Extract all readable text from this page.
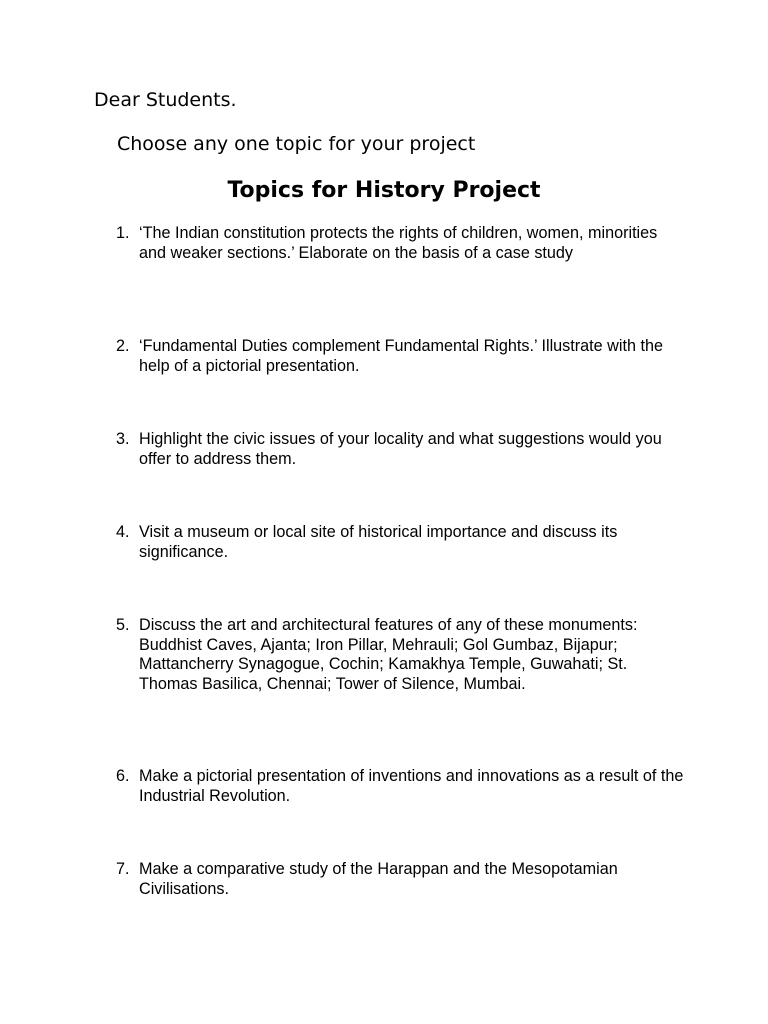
Dear Students.

Choose any one topic for your project

Topics for History Project
1. ‘The Indian constitution protects the rights of children, women, minorities and weaker sections.’ Elaborate on the basis of a case study
2. ‘Fundamental Duties complement Fundamental Rights.’ Illustrate with the help of a pictorial presentation.
3. Highlight the civic issues of your locality and what suggestions would you offer to address them.
4. Visit a museum or local site of historical importance and discuss its significance.
5. Discuss the art and architectural features of any of these monuments: Buddhist Caves, Ajanta; Iron Pillar, Mehrauli; Gol Gumbaz, Bijapur; Mattancherry Synagogue, Cochin; Kamakhya Temple, Guwahati; St. Thomas Basilica, Chennai; Tower of Silence, Mumbai.
6. Make a pictorial presentation of inventions and innovations as a result of the Industrial Revolution.
7. Make a comparative study of the Harappan and the Mesopotamian Civilisations.
